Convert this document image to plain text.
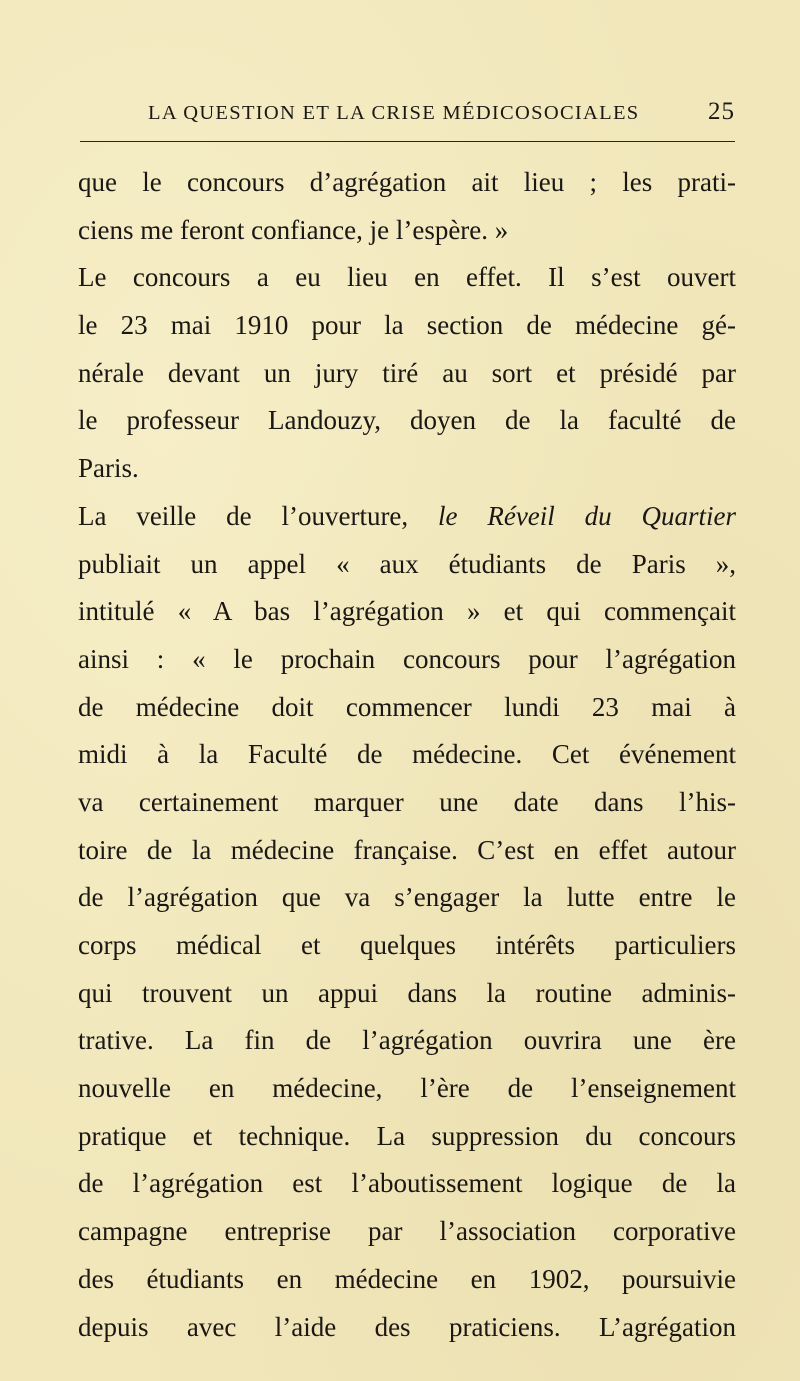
LA QUESTION ET LA CRISE MÉDICOSOCIALES	25
que le concours d’agrégation ait lieu ; les prati-
ciens me feront confiance, je l’espère. »
Le concours a eu lieu en effet. Il s’est ouvert
le 23 mai 1910 pour la section de médecine gé-
nérale devant un jury tiré au sort et présidé par
le professeur Landouzy, doyen de la faculté de
Paris.
La veille de l’ouverture, le Réveil du Quartier
publiait un appel « aux étudiants de Paris »,
intitulé « A bas l’agrégation » et qui commençait
ainsi : « le prochain concours pour l’agrégation
de médecine doit commencer lundi 23 mai à
midi à la Faculté de médecine. Cet événement
va certainement marquer une date dans l’his-
toire de la médecine française. C’est en effet autour
de l’agrégation que va s’engager la lutte entre le
corps médical et quelques intérêts particuliers
qui trouvent un appui dans la routine adminis-
trative. La fin de l’agrégation ouvrira une ère
nouvelle en médecine, l’ère de l’enseignement
pratique et technique. La suppression du concours
de l’agrégation est l’aboutissement logique de la
campagne entreprise par l’association corporative
des étudiants en médecine en 1902, poursuivie
depuis avec l’aide des praticiens. L’agrégation
